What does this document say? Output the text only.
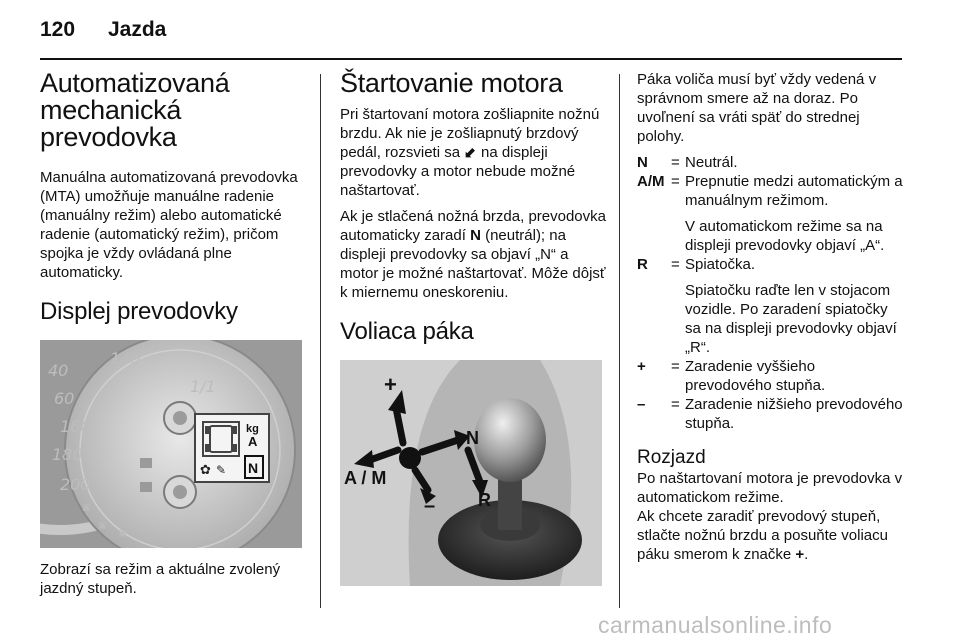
120 Jazda
Automatizovaná
mechanická
prevodovka

Manuálna automatizovaná prevodovka (MTA) umožňuje manuálne radenie (manuálny režim) alebo automatické radenie (automatický režim), pričom spojka je vždy ovládaná plne automaticky.

Displej prevodovky
40
60
160
180
200
140
1/1
kg
A
✿ ✎ N
▣
▣
▣

Zobrazí sa režim a aktuálne zvolený jazdný stupeň.

Štartovanie motora

Pri štartovaní motora zošliapnite nožnú brzdu. Ak nie je zošliapnutý brzdový pedál, rozsvieti sa ⬋ na displeji prevodovky a motor nebude možné naštartovať.

Ak je stlačená nožná brzda, prevodovka automaticky zaradí N (neutrál); na displeji prevodovky sa objaví „N“ a motor je možné naštartovať. Môže dôjsť k miernemu oneskoreniu.

Voliaca páka
+
A / M
N
R
–

Páka voliča musí byť vždy vedená v správnom smere až na doraz. Po uvoľnení sa vráti späť do strednej polohy.

N	= Neutrál.
A/M = Prepnutie medzi automatickým a manuálnym režimom.
V automatickom režime sa na displeji prevodovky objaví „A“.
R	= Spiatočka.
Spiatočku raďte len v stojacom vozidle. Po zaradení spiatočky sa na displeji prevodovky objaví „R“.
+	= Zaradenie vyššieho prevodového stupňa.
–	= Zaradenie nižšieho prevodového stupňa.
Rozjazd

Po naštartovaní motora je prevodovka v automatickom režime.

Ak chcete zaradiť prevodový stupeň, stlačte nožnú brzdu a posuňte voliacu páku smerom k značke +.

carmanualsonline.info
